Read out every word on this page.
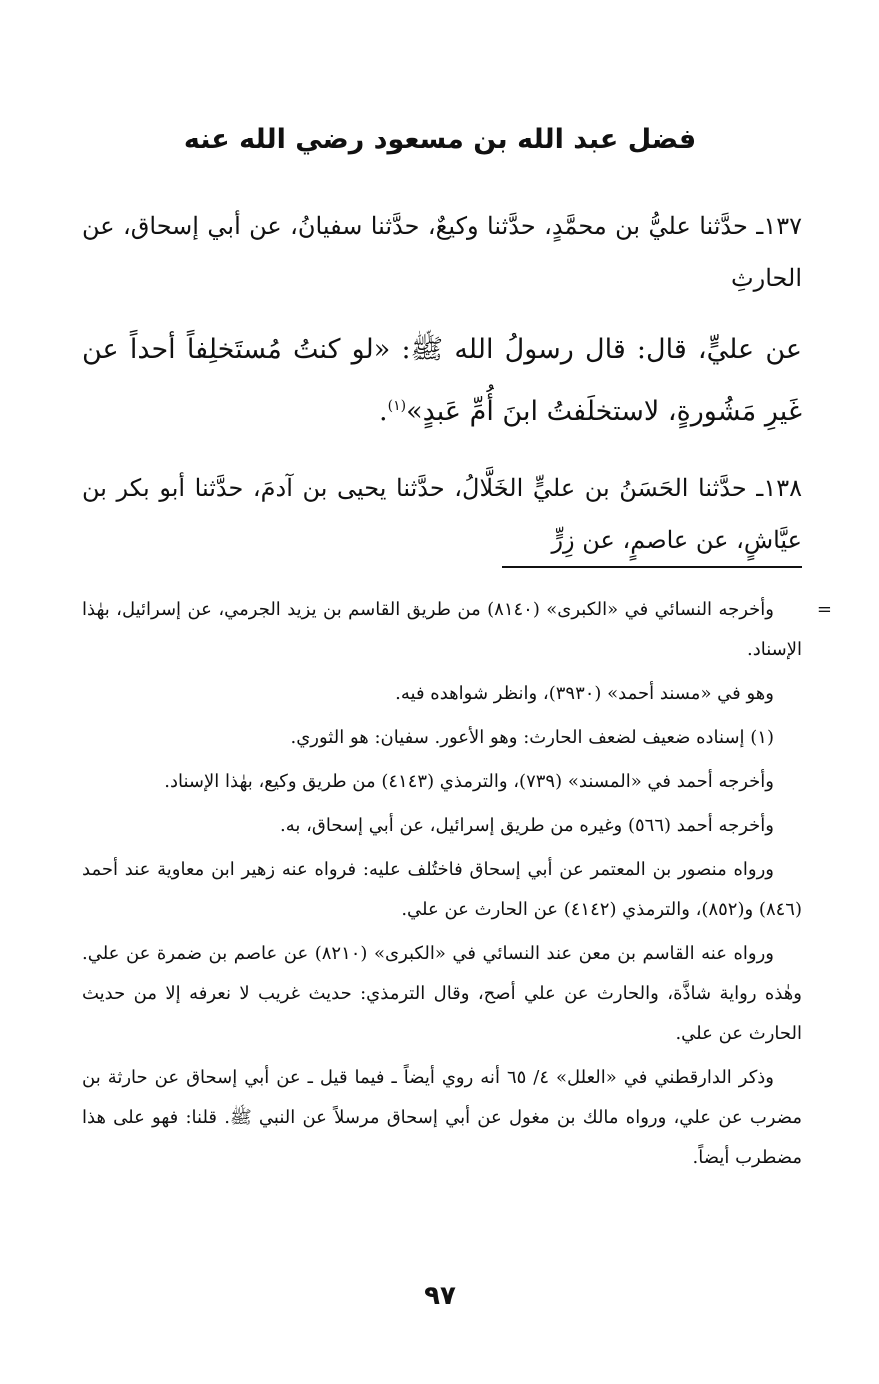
فضل عبد الله بن مسعود رضي الله عنه
١٣٧ـ حدَّثنا عليُّ بن محمَّدٍ، حدَّثنا وكيعٌ، حدَّثنا سفيانُ، عن أبي إسحاق، عن الحارثِ
عن عليٍّ، قال: قال رسولُ الله ﷺ: «لو كنتُ مُستَخلِفاً أحداً عن غَيرِ مَشُورةٍ، لاستخلَفتُ ابنَ أُمِّ عَبدٍ»$^{(١)}$.
١٣٨ـ حدَّثنا الحَسَنُ بن عليٍّ الخَلَّالُ، حدَّثنا يحيى بن آدمَ، حدَّثنا أبو بكر بن عيَّاشٍ، عن عاصمٍ، عن زِرٍّ
=

وأخرجه النسائي في «الكبرى» (٨١٤٠) من طريق القاسم بن يزيد الجرمي، عن إسرائيل، بهٰذا الإسناد.

وهو في «مسند أحمد» (٣٩٣٠)، وانظر شواهده فيه.

(١) إسناده ضعيف لضعف الحارث: وهو الأعور. سفيان: هو الثوري.

وأخرجه أحمد في «المسند» (٧٣٩)، والترمذي (٤١٤٣) من طريق وكيع، بهٰذا الإسناد.

وأخرجه أحمد (٥٦٦) وغيره من طريق إسرائيل، عن أبي إسحاق، به.

ورواه منصور بن المعتمر عن أبي إسحاق فاختُلف عليه: فرواه عنه زهير ابن معاوية عند أحمد (٨٤٦) و(٨٥٢)، والترمذي (٤١٤٢) عن الحارث عن علي.

ورواه عنه القاسم بن معن عند النسائي في «الكبرى» (٨٢١٠) عن عاصم بن ضمرة عن علي. وهٰذه رواية شاذَّة، والحارث عن علي أصح، وقال الترمذي: حديث غريب لا نعرفه إلا من حديث الحارث عن علي.

وذكر الدارقطني في «العلل» ٤/ ٦٥ أنه روي أيضاً ـ فيما قيل ـ عن أبي إسحاق عن حارثة بن مضرب عن علي، ورواه مالك بن مغول عن أبي إسحاق مرسلاً عن النبي ﷺ. قلنا: فهو على هذا مضطرب أيضاً.

٩٧
